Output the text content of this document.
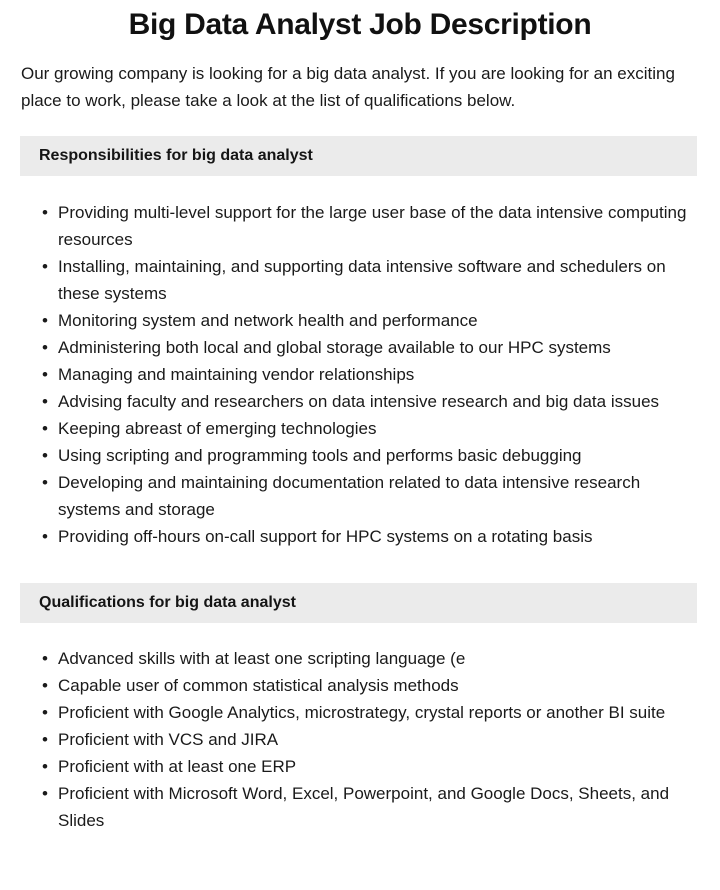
Big Data Analyst Job Description

Our growing company is looking for a big data analyst. If you are looking for an exciting place to work, please take a look at the list of qualifications below.

Responsibilities for big data analyst
• Providing multi-level support for the large user base of the data intensive computing resources
• Installing, maintaining, and supporting data intensive software and schedulers on these systems
• Monitoring system and network health and performance
• Administering both local and global storage available to our HPC systems
• Managing and maintaining vendor relationships
• Advising faculty and researchers on data intensive research and big data issues
• Keeping abreast of emerging technologies
• Using scripting and programming tools and performs basic debugging
• Developing and maintaining documentation related to data intensive research systems and storage
• Providing off-hours on-call support for HPC systems on a rotating basis
Qualifications for big data analyst
• Advanced skills with at least one scripting language (e
• Capable user of common statistical analysis methods
• Proficient with Google Analytics, microstrategy, crystal reports or another BI suite
• Proficient with VCS and JIRA
• Proficient with at least one ERP
• Proficient with Microsoft Word, Excel, Powerpoint, and Google Docs, Sheets, and Slides
